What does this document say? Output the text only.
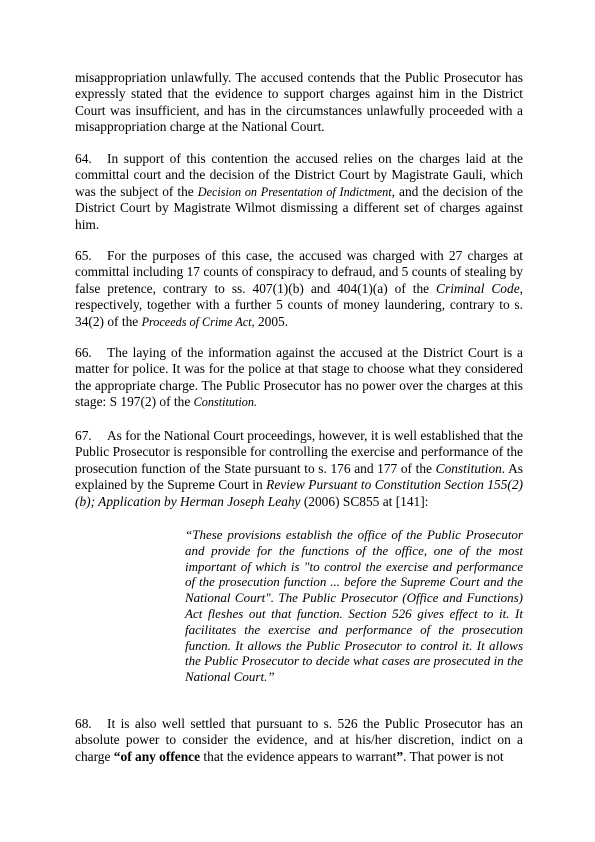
misappropriation unlawfully. The accused contends that the Public Prosecutor has expressly stated that the evidence to support charges against him in the District Court was insufficient, and has in the circumstances unlawfully proceeded with a misappropriation charge at the National Court.

64. In support of this contention the accused relies on the charges laid at the committal court and the decision of the District Court by Magistrate Gauli, which was the subject of the Decision on Presentation of Indictment, and the decision of the District Court by Magistrate Wilmot dismissing a different set of charges against him.

65. For the purposes of this case, the accused was charged with 27 charges at committal including 17 counts of conspiracy to defraud, and 5 counts of stealing by false pretence, contrary to ss. 407(1)(b) and 404(1)(a) of the Criminal Code, respectively, together with a further 5 counts of money laundering, contrary to s. 34(2) of the Proceeds of Crime Act, 2005.

66. The laying of the information against the accused at the District Court is a matter for police. It was for the police at that stage to choose what they considered the appropriate charge. The Public Prosecutor has no power over the charges at this stage: S 197(2) of the Constitution.

67. As for the National Court proceedings, however, it is well established that the Public Prosecutor is responsible for controlling the exercise and performance of the prosecution function of the State pursuant to s. 176 and 177 of the Constitution. As explained by the Supreme Court in Review Pursuant to Constitution Section 155(2)(b); Application by Herman Joseph Leahy (2006) SC855 at [141]:

“These provisions establish the office of the Public Prosecutor and provide for the functions of the office, one of the most important of which is "to control the exercise and performance of the prosecution function ... before the Supreme Court and the National Court". The Public Prosecutor (Office and Functions) Act fleshes out that function. Section 526 gives effect to it. It facilitates the exercise and performance of the prosecution function. It allows the Public Prosecutor to control it. It allows the Public Prosecutor to decide what cases are prosecuted in the National Court.”

68. It is also well settled that pursuant to s. 526 the Public Prosecutor has an absolute power to consider the evidence, and at his/her discretion, indict on a charge “of any offence that the evidence appears to warrant”. That power is not
